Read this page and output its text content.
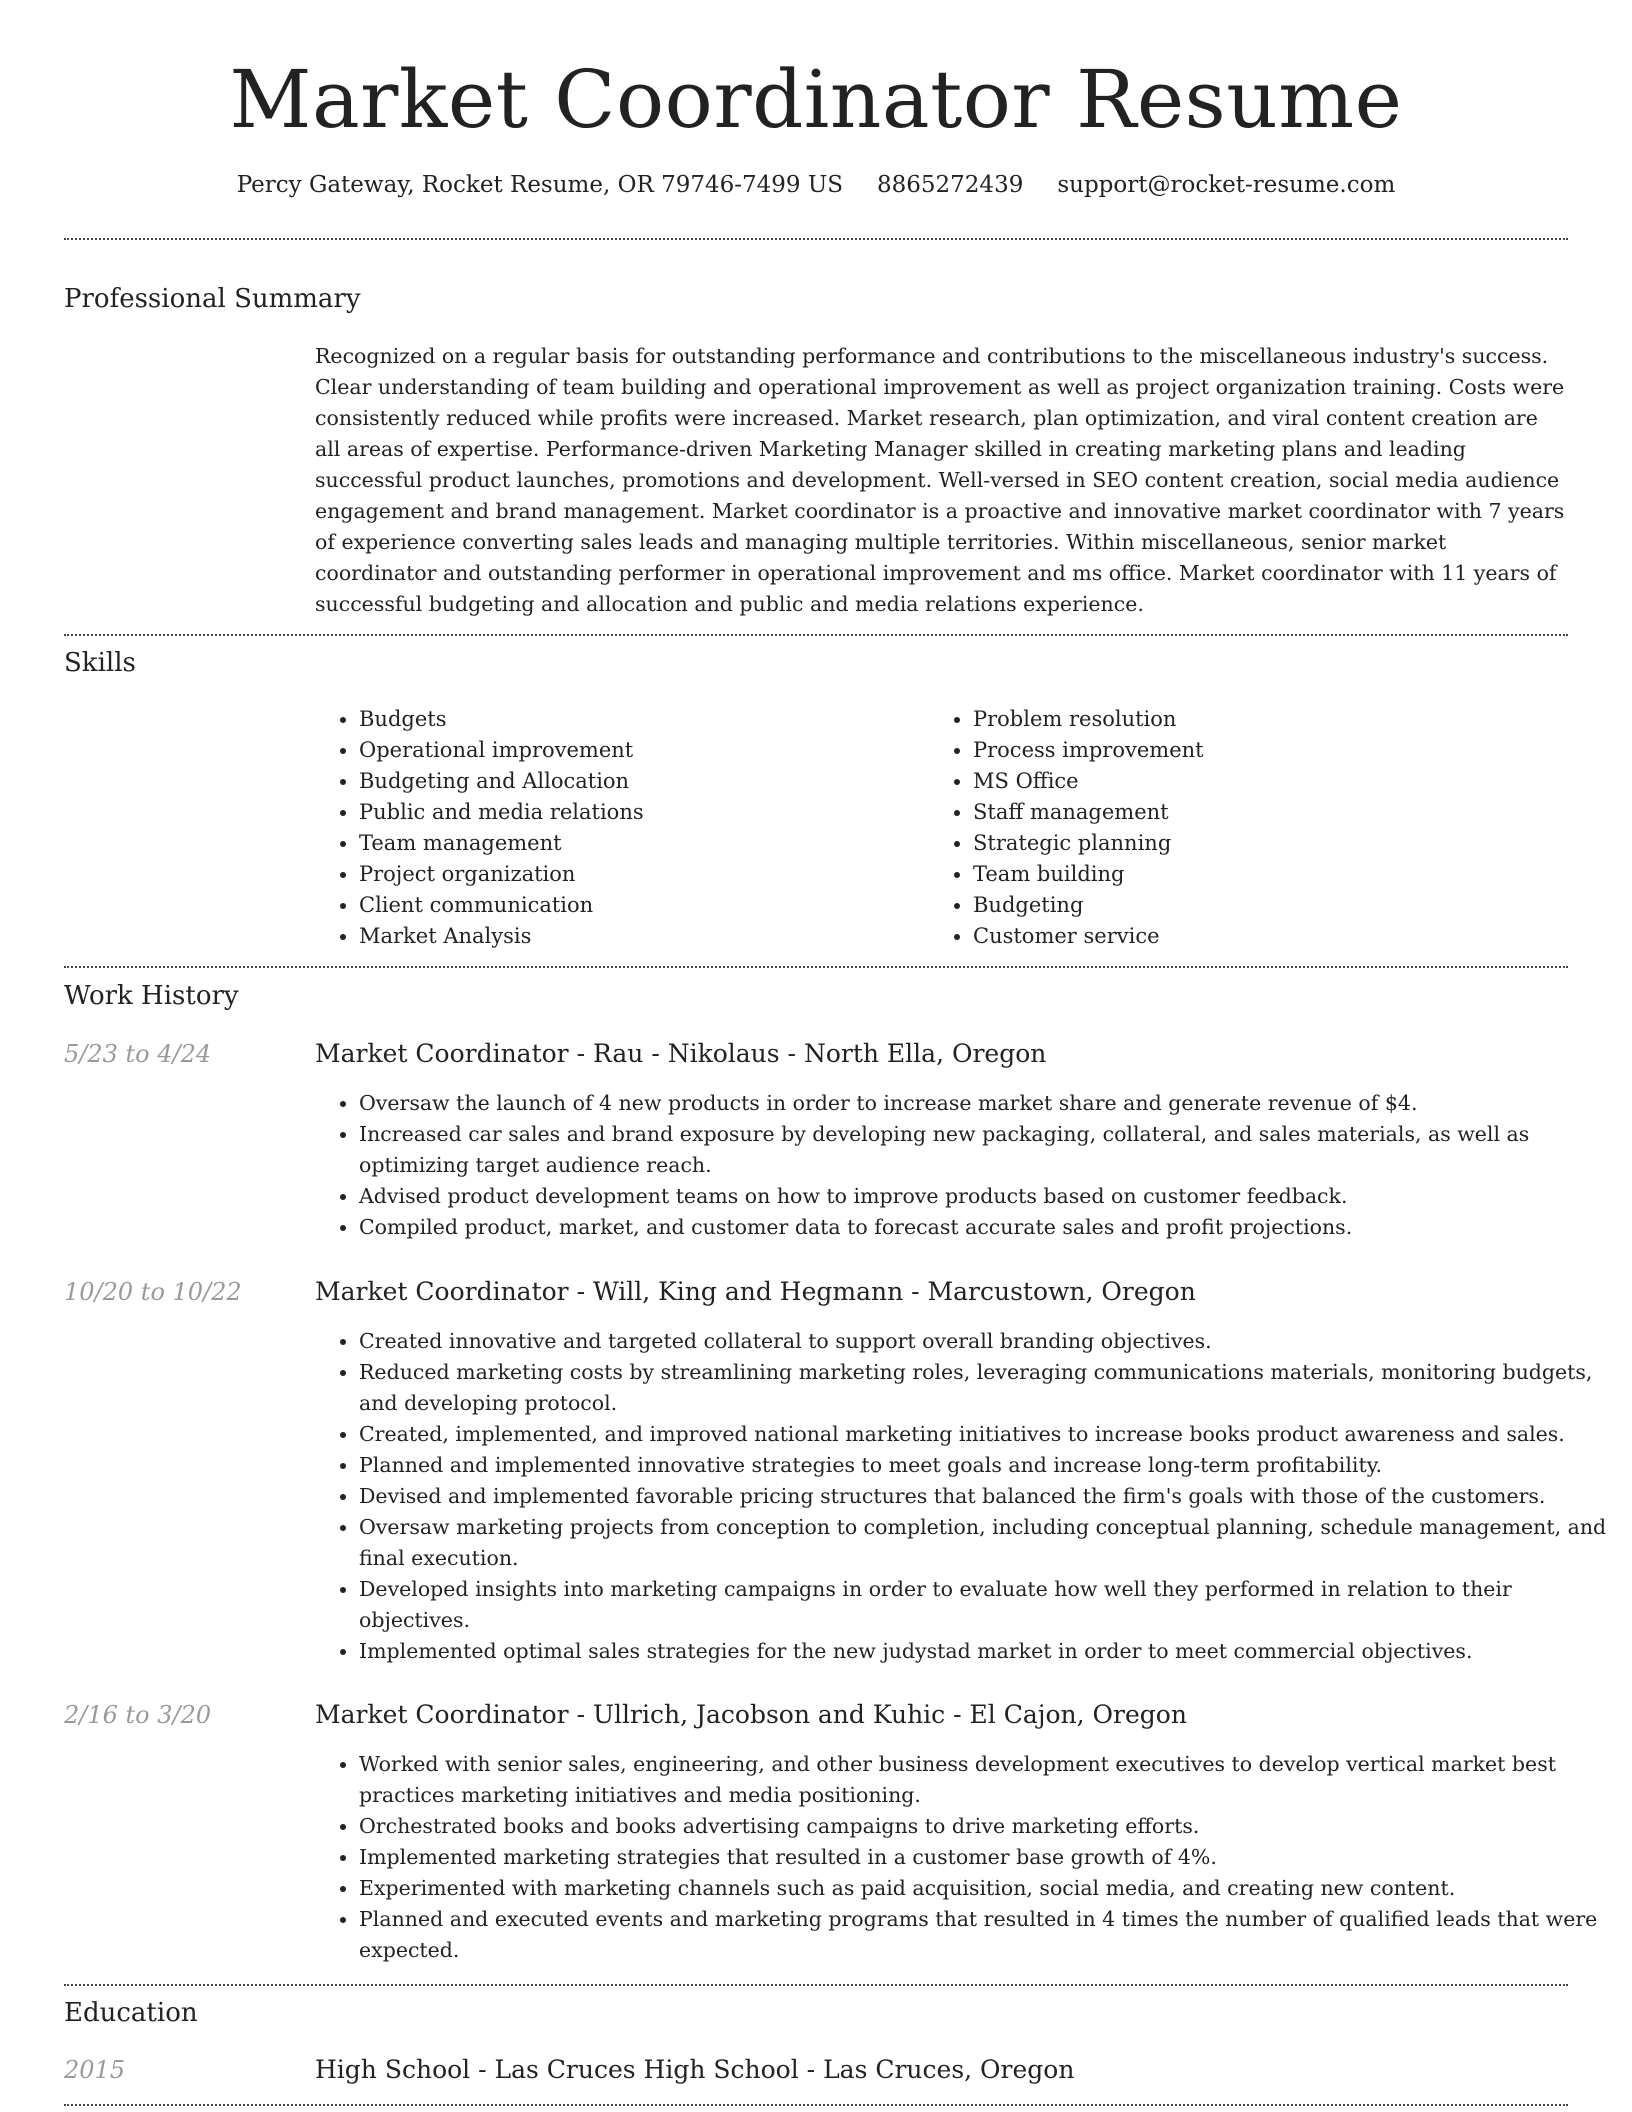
Market Coordinator Resume
Percy Gateway, Rocket Resume, OR 79746-7499 US 8865272439 support@rocket-resume.com
Professional Summary

Recognized on a regular basis for outstanding performance and contributions to the miscellaneous industry's success. Clear understanding of team building and operational improvement as well as project organization training. Costs were consistently reduced while profits were increased. Market research, plan optimization, and viral content creation are all areas of expertise. Performance-driven Marketing Manager skilled in creating marketing plans and leading successful product launches, promotions and development. Well-versed in SEO content creation, social media audience engagement and brand management. Market coordinator is a proactive and innovative market coordinator with 7 years of experience converting sales leads and managing multiple territories. Within miscellaneous, senior market coordinator and outstanding performer in operational improvement and ms office. Market coordinator with 11 years of successful budgeting and allocation and public and media relations experience.

Skills
• Budgets
• Operational improvement
• Budgeting and Allocation
• Public and media relations
• Team management
• Project organization
• Client communication
• Market Analysis
• Problem resolution
• Process improvement
• MS Office
• Staff management
• Strategic planning
• Team building
• Budgeting
• Customer service
Work History
5/23 to 4/24	Market Coordinator - Rau - Nikolaus - North Ella, Oregon
• Oversaw the launch of 4 new products in order to increase market share and generate revenue of $4.
• Increased car sales and brand exposure by developing new packaging, collateral, and sales materials, as well as optimizing target audience reach.
• Advised product development teams on how to improve products based on customer feedback.
• Compiled product, market, and customer data to forecast accurate sales and profit projections.
10/20 to 10/22	Market Coordinator - Will, King and Hegmann - Marcustown, Oregon
• Created innovative and targeted collateral to support overall branding objectives.
• Reduced marketing costs by streamlining marketing roles, leveraging communications materials, monitoring budgets, and developing protocol.
• Created, implemented, and improved national marketing initiatives to increase books product awareness and sales.
• Planned and implemented innovative strategies to meet goals and increase long-term profitability.
• Devised and implemented favorable pricing structures that balanced the firm's goals with those of the customers.
• Oversaw marketing projects from conception to completion, including conceptual planning, schedule management, and final execution.
• Developed insights into marketing campaigns in order to evaluate how well they performed in relation to their objectives.
• Implemented optimal sales strategies for the new judystad market in order to meet commercial objectives.
2/16 to 3/20	Market Coordinator - Ullrich, Jacobson and Kuhic - El Cajon, Oregon
• Worked with senior sales, engineering, and other business development executives to develop vertical market best practices marketing initiatives and media positioning.
• Orchestrated books and books advertising campaigns to drive marketing efforts.
• Implemented marketing strategies that resulted in a customer base growth of 4%.
• Experimented with marketing channels such as paid acquisition, social media, and creating new content.
• Planned and executed events and marketing programs that resulted in 4 times the number of qualified leads that were expected.
Education
2015	High School - Las Cruces High School - Las Cruces, Oregon
